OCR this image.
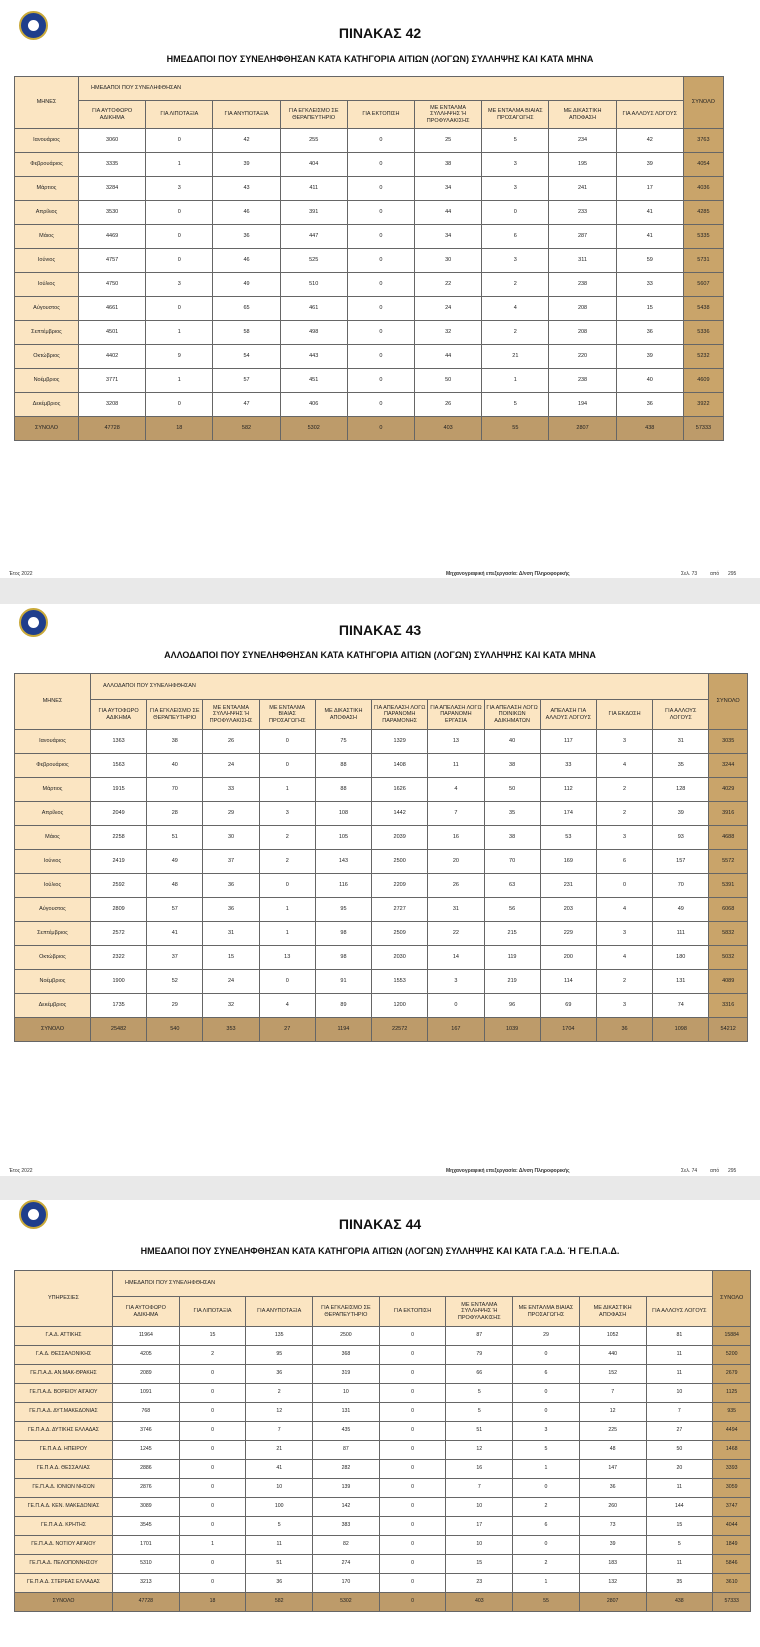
ΠΙΝΑΚΑΣ 42
ΗΜΕΔΑΠΟΙ ΠΟΥ ΣΥΝΕΛΗΦΘΗΣΑΝ ΚΑΤΑ ΚΑΤΗΓΟΡΙΑ ΑΙΤΙΩΝ (ΛΟΓΩΝ) ΣΥΛΛΗΨΗΣ ΚΑΙ ΚΑΤΑ ΜΗΝΑ
ΜΗΝΕΣ	ΗΜΕΔΑΠΟΙ ΠΟΥ ΣΥΝΕΛΗΦΘΗΣΑΝ									ΣΥΝΟΛΟ
	ΓΙΑ ΑΥΤΟΦΩΡΟ ΑΔΙΚΗΜΑ	ΓΙΑ ΛΙΠΟΤΑΞΙΑ	ΓΙΑ ΑΝΥΠΟΤΑΞΙΑ	ΓΙΑ ΕΓΚΛΕΙΣΜΟ ΣΕ ΘΕΡΑΠΕΥΤΗΡΙΟ	ΓΙΑ ΕΚΤΟΠΙΣΗ	ΜΕ ΕΝΤΑΛΜΑ ΣΥΛΛΗΨΗΣ Ή ΠΡΟΦΥΛΑΚΙΣΗΣ	ΜΕ ΕΝΤΑΛΜΑ ΒΙΑΙΑΣ ΠΡΟΣΑΓΩΓΗΣ	ΜΕ ΔΙΚΑΣΤΙΚΗ ΑΠΟΦΑΣΗ	ΓΙΑ ΑΛΛΟΥΣ ΛΟΓΟΥΣ	
Ιανουάριος	3060	0	42	255	0	25	5	234	42	3763
Φεβρουάριος	3335	1	39	404	0	38	3	195	39	4054
Μάρτιος	3284	3	43	411	0	34	3	241	17	4036
Απρίλιος	3530	0	46	391	0	44	0	233	41	4285
Μάιος	4469	0	36	447	0	34	6	287	41	5335
Ιούνιος	4757	0	46	525	0	30	3	311	59	5731
Ιούλιος	4750	3	49	510	0	22	2	238	33	5607
Αύγουστος	4661	0	65	461	0	24	4	208	15	5438
Σεπτέμβριος	4501	1	58	498	0	32	2	208	36	5336
Οκτώβριος	4402	9	54	443	0	44	21	220	39	5232
Νοέμβριος	3771	1	57	451	0	50	1	238	40	4609
Δεκέμβριος	3208	0	47	406	0	26	5	194	36	3922
ΣΥΝΟΛΟ	47728	18	582	5302	0	403	55	2807	438	57333
Έτος 2022	Μηχανογραφική επεξεργασία: Δ/νση Πληροφορικής	Σελ. 73	από 295
ΠΙΝΑΚΑΣ 43
ΑΛΛΟΔΑΠΟΙ ΠΟΥ ΣΥΝΕΛΗΦΘΗΣΑΝ ΚΑΤΑ ΚΑΤΗΓΟΡΙΑ ΑΙΤΙΩΝ (ΛΟΓΩΝ) ΣΥΛΛΗΨΗΣ ΚΑΙ ΚΑΤΑ ΜΗΝΑ
ΜΗΝΕΣ	ΑΛΛΟΔΑΠΟΙ ΠΟΥ ΣΥΝΕΛΗΦΘΗΣΑΝ											ΣΥΝΟΛΟ
	ΓΙΑ ΑΥΤΟΦΩΡΟ ΑΔΙΚΗΜΑ	ΓΙΑ ΕΓΚΛΕΙΣΜΟ ΣΕ ΘΕΡΑΠΕΥΤΗΡΙΟ	ΜΕ ΕΝΤΑΛΜΑ ΣΥΛΛΗΨΗΣ Ή ΠΡΟΦΥΛΑΚΙΣΗΣ	ΜΕ ΕΝΤΑΛΜΑ ΒΙΑΙΑΣ ΠΡΟΣΑΓΩΓΗΣ	ΜΕ ΔΙΚΑΣΤΙΚΗ ΑΠΟΦΑΣΗ	ΓΙΑ ΑΠΕΛΑΣΗ ΛΟΓΩ ΠΑΡΑΝΟΜΗ ΠΑΡΑΜΟΝΗΣ	ΓΙΑ ΑΠΕΛΑΣΗ ΛΟΓΩ ΠΑΡΑΝΟΜΗ ΕΡΓΑΣΙΑ	ΓΙΑ ΑΠΕΛΑΣΗ ΛΟΓΩ ΠΟΙΝΙΚΩΝ ΑΔΙΚΗΜΑΤΩΝ	ΑΠΕΛΑΣΗ ΓΙΑ ΑΛΛΟΥΣ ΛΟΓΟΥΣ	ΓΙΑ ΕΚΔΟΣΗ	ΓΙΑ ΑΛΛΟΥΣ ΛΟΓΟΥΣ	
Ιανουάριος	1363	38	26	0	75	1329	13	40	117	3	31	3035
Φεβρουάριος	1563	40	24	0	88	1408	11	38	33	4	35	3244
Μάρτιος	1915	70	33	1	88	1626	4	50	112	2	128	4029
Απρίλιος	2049	28	29	3	108	1442	7	35	174	2	39	3916
Μάιος	2258	51	30	2	105	2039	16	38	53	3	93	4688
Ιούνιος	2419	49	37	2	143	2500	20	70	169	6	157	5572
Ιούλιος	2592	48	36	0	116	2209	26	63	231	0	70	5391
Αύγουστος	2809	57	36	1	95	2727	31	56	203	4	49	6068
Σεπτέμβριος	2572	41	31	1	98	2509	22	215	229	3	111	5832
Οκτώβριος	2322	37	15	13	98	2030	14	119	200	4	180	5032
Νοέμβριος	1900	52	24	0	91	1553	3	219	114	2	131	4089
Δεκέμβριος	1735	29	32	4	89	1200	0	96	69	3	74	3316
ΣΥΝΟΛΟ	25482	540	353	27	1194	22572	167	1039	1704	36	1098	54212
Έτος 2022	Μηχανογραφική επεξεργασία: Δ/νση Πληροφορικής	Σελ. 74	από 295
ΠΙΝΑΚΑΣ 44
ΗΜΕΔΑΠΟΙ ΠΟΥ ΣΥΝΕΛΗΦΘΗΣΑΝ ΚΑΤΑ ΚΑΤΗΓΟΡΙΑ ΑΙΤΙΩΝ (ΛΟΓΩΝ) ΣΥΛΛΗΨΗΣ ΚΑΙ ΚΑΤΑ Γ.Α.Δ. Ή ΓΕ.Π.Α.Δ.
ΥΠΗΡΕΣΙΕΣ	ΗΜΕΔΑΠΟΙ ΠΟΥ ΣΥΝΕΛΗΦΘΗΣΑΝ									ΣΥΝΟΛΟ
	ΓΙΑ ΑΥΤΟΦΩΡΟ ΑΔΙΚΗΜΑ	ΓΙΑ ΛΙΠΟΤΑΞΙΑ	ΓΙΑ ΑΝΥΠΟΤΑΞΙΑ	ΓΙΑ ΕΓΚΛΕΙΣΜΟ ΣΕ ΘΕΡΑΠΕΥΤΗΡΙΟ	ΓΙΑ ΕΚΤΟΠΙΣΗ	ΜΕ ΕΝΤΑΛΜΑ ΣΥΛΛΗΨΗΣ Ή ΠΡΟΦΥΛΑΚΙΣΗΣ	ΜΕ ΕΝΤΑΛΜΑ ΒΙΑΙΑΣ ΠΡΟΣΑΓΩΓΗΣ	ΜΕ ΔΙΚΑΣΤΙΚΗ ΑΠΟΦΑΣΗ	ΓΙΑ ΑΛΛΟΥΣ ΛΟΓΟΥΣ	
Γ.Α.Δ. ΑΤΤΙΚΗΣ	11964	15	135	2500	0	87	29	1052	81	15884
Γ.Α.Δ. ΘΕΣΣΑΛΟΝΙΚΗΣ	4205	2	95	368	0	79	0	440	11	5200
ΓΕ.Π.Α.Δ. ΑΝ.ΜΑΚ-ΘΡΑΚΗΣ	2089	0	36	319	0	66	6	152	11	2679
ΓΕ.Π.Α.Δ. ΒΟΡΕΙΟΥ ΑΙΓΑΙΟΥ	1091	0	2	10	0	5	0	7	10	1125
ΓΕ.Π.Α.Δ. ΔΥΤ.ΜΑΚΕΔΟΝΙΑΣ	768	0	12	131	0	5	0	12	7	935
ΓΕ.Π.Α.Δ. ΔΥΤΙΚΗΣ ΕΛΛΑΔΑΣ	3746	0	7	435	0	51	3	225	27	4494
ΓΕ.Π.Α.Δ. ΗΠΕΙΡΟΥ	1245	0	21	87	0	12	5	48	50	1468
ΓΕ.Π.Α.Δ. ΘΕΣΣΑΛΙΑΣ	2886	0	41	282	0	16	1	147	20	3393
ΓΕ.Π.Α.Δ. ΙΟΝΙΩΝ ΝΗΣΩΝ	2876	0	10	139	0	7	0	36	11	3059
ΓΕ.Π.Α.Δ. ΚΕΝ. ΜΑΚΕΔΟΝΙΑΣ	3089	0	100	142	0	10	2	260	144	3747
ΓΕ.Π.Α.Δ. ΚΡΗΤΗΣ	3545	0	5	383	0	17	6	73	15	4044
ΓΕ.Π.Α.Δ. ΝΟΤΙΟΥ ΑΙΓΑΙΟΥ	1701	1	11	82	0	10	0	39	5	1849
ΓΕ.Π.Α.Δ. ΠΕΛΟΠΟΝΝΗΣΟΥ	5310	0	51	274	0	15	2	183	11	5846
ΓΕ.Π.Α.Δ. ΣΤΕΡΕΑΣ ΕΛΛΑΔΑΣ	3213	0	36	170	0	23	1	132	35	3610
ΣΥΝΟΛΟ	47728	18	582	5302	0	403	55	2807	438	57333
